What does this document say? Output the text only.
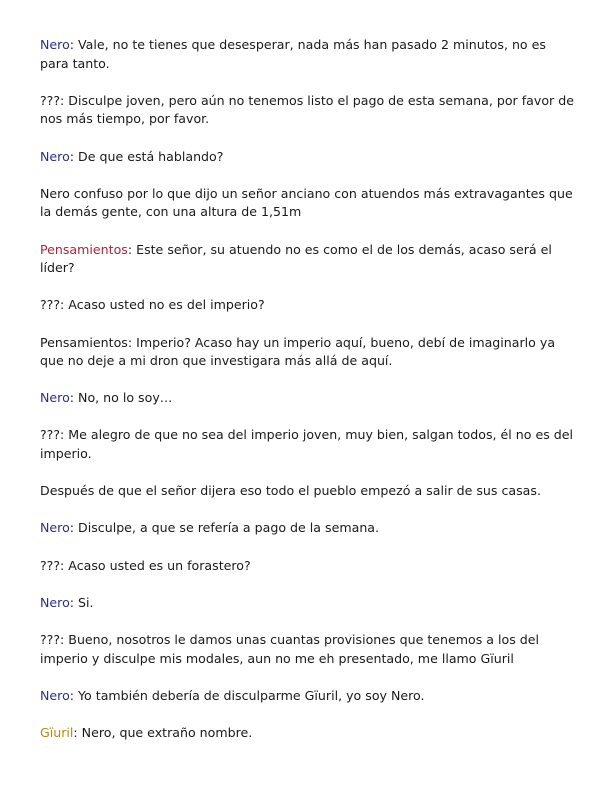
Nero: Vale, no te tienes que desesperar, nada más han pasado 2 minutos, no es para tanto.

???: Disculpe joven, pero aún no tenemos listo el pago de esta semana, por favor de nos más tiempo, por favor.

Nero: De que está hablando?

Nero confuso por lo que dijo un señor anciano con atuendos más extravagantes que la demás gente, con una altura de 1,51m

Pensamientos: Este señor, su atuendo no es como el de los demás, acaso será el líder?

???: Acaso usted no es del imperio?

Pensamientos: Imperio? Acaso hay un imperio aquí, bueno, debí de imaginarlo ya que no deje a mi dron que investigara más allá de aquí.

Nero: No, no lo soy…

???: Me alegro de que no sea del imperio joven, muy bien, salgan todos, él no es del imperio.

Después de que el señor dijera eso todo el pueblo empezó a salir de sus casas.

Nero: Disculpe, a que se refería a pago de la semana.

???: Acaso usted es un forastero?

Nero: Si.

???: Bueno, nosotros le damos unas cuantas provisiones que tenemos a los del imperio y disculpe mis modales, aun no me eh presentado, me llamo Gïuril

Nero: Yo también debería de disculparme Gïuril, yo soy Nero.

Gïuril: Nero, que extraño nombre.
